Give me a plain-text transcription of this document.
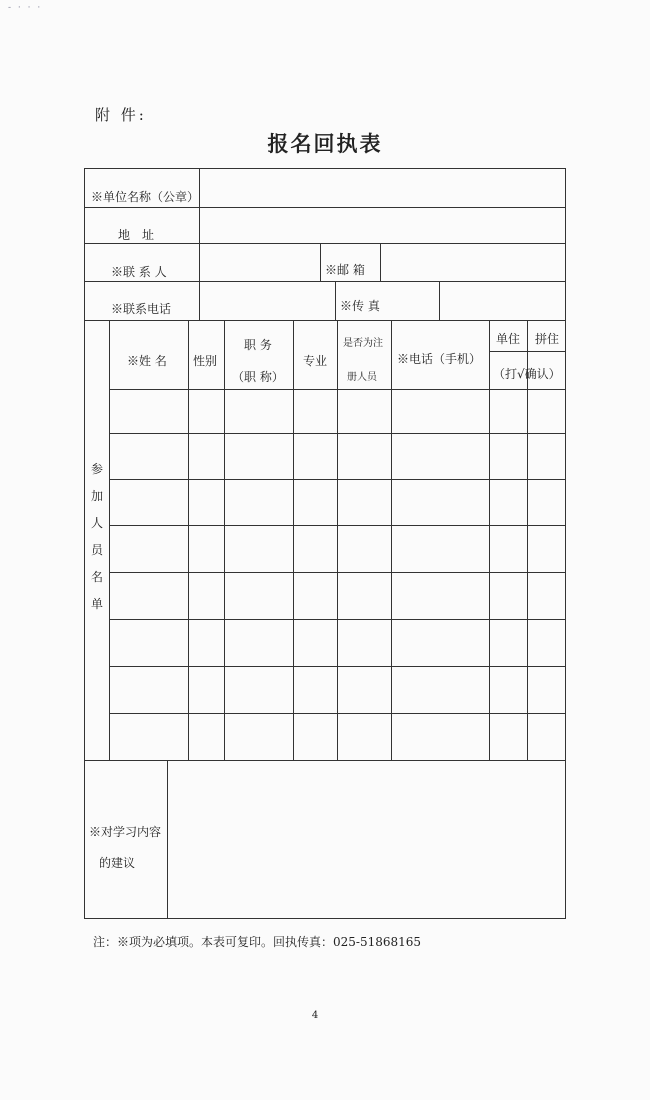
- · · ·
附 件:
报名回执表
※单位名称（公章）
地　址
※联 系 人	※邮 箱
※联系电话	※传 真
参
加
人
员
名
单
※姓 名 性别
职 务
（职 称）
专业
是否为注
册人员
※电话（手机）
单住 拼住
（打√确认）
※对学习内容
的建议
注：※项为必填项。本表可复印。回执传真：025-51868165
4
